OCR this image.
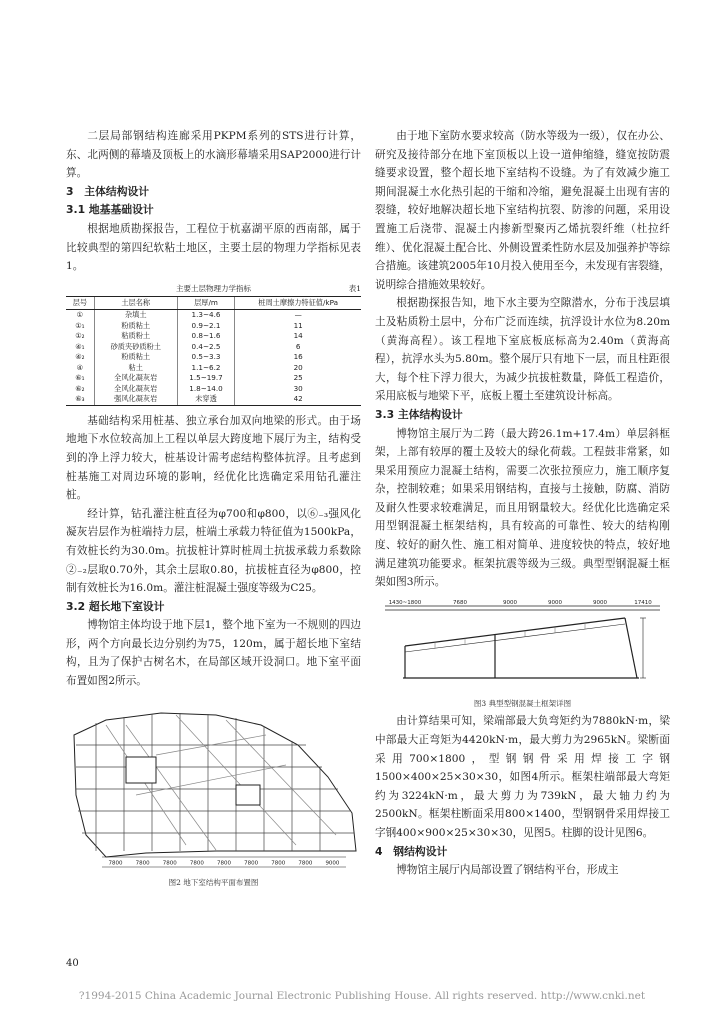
二层局部钢结构连廊采用PKPM系列的STS进行计算，东、北两侧的幕墙及顶板上的水滴形幕墙采用SAP2000进行计算。

3　主体结构设计
3.1 地基基础设计

根据地质勘探报告，工程位于杭嘉湖平原的西南部，属于比较典型的第四纪软粘土地区，主要土层的物理力学指标见表1。

主要土层物理力学指标	表1
层号	土层名称	层厚/m	桩周土摩擦力特征值/kPa
①	杂填土	1.3~4.6	—
①₁	粉质粘土	0.9~2.1	11
①₂	粘质粉土	0.8~1.6	14
④₁	砂质夹砂质粉土	0.4~2.5	6
④₂	粉质粘土	0.5~3.3	16
④	粘土	1.1~6.2	20
⑥₁	全风化凝灰岩	1.5~19.7	25
⑥₂	全风化凝灰岩	1.8~14.0	30
⑥₃	强风化凝灰岩	未穿透	42

基础结构采用桩基、独立承台加双向地梁的形式。由于场地地下水位较高加上工程以单层大跨度地下展厅为主，结构受到的净上浮力较大，桩基设计需考虑结构整体抗浮。且考虑到桩基施工对周边环境的影响，经优化比选确定采用钻孔灌注桩。

经计算，钻孔灌注桩直径为φ700和φ800，以⑥₋₃强风化凝灰岩层作为桩端持力层，桩端土承载力特征值为1500kPa，有效桩长约为30.0m。抗拔桩计算时桩周土抗拔承载力系数除②₋₂层取0.70外，其余土层取0.80，抗拔桩直径为φ800，控制有效桩长为16.0m。灌注桩混凝土强度等级为C25。

3.2 超长地下室设计

博物馆主体均设于地下层1，整个地下室为一不规则的四边形，两个方向最长边分别约为75，120m，属于超长地下室结构，且为了保护古树名木，在局部区域开设洞口。地下室平面布置如图2所示。

7800 7800 7800 7800 7800 7800 7800 7800 9000
图2 地下室结构平面布置图
40

由于地下室防水要求较高（防水等级为一级），仅在办公、研究及接待部分在地下室顶板以上设一道伸缩缝，缝宽按防震缝要求设置，整个超长地下室结构不设缝。为了有效减少施工期间混凝土水化热引起的干缩和冷缩，避免混凝土出现有害的裂缝，较好地解决超长地下室结构抗裂、防渗的问题，采用设置施工后浇带、混凝土内掺新型聚丙乙烯抗裂纤维（杜拉纤维）、优化混凝土配合比、外侧设置柔性防水层及加强养护等综合措施。该建筑2005年10月投入使用至今，未发现有害裂缝，说明综合措施效果较好。

根据勘探报告知，地下水主要为空隙潜水，分布于浅层填土及粘质粉土层中，分布广泛而连续，抗浮设计水位为8.20m（黄海高程）。该工程地下室底板底标高为2.40m（黄海高程），抗浮水头为5.80m。整个展厅只有地下一层，而且柱距很大，每个柱下浮力很大，为减少抗拔桩数量，降低工程造价，采用底板与地梁下平，底板上覆土至建筑设计标高。

3.3 主体结构设计

博物馆主展厅为二跨（最大跨26.1m+17.4m）单层斜框架，上部有较厚的覆土及较大的绿化荷载。工程鼓非常紧，如果采用预应力混凝土结构，需要二次张拉预应力，施工顺序复杂，控制较难；如果采用钢结构，直接与土接触，防腐、消防及耐久性要求较难满足，而且用钢量较大。经优化比选确定采用型钢混凝土框架结构，具有较高的可靠性、较大的结构刚度、较好的耐久性、施工相对简单、进度较快的特点，较好地满足建筑功能要求。框架抗震等级为三级。典型型钢混凝土框架如图3所示。

1430~1800	7680	9000	9000	9000	17410
图3 典型型钢混凝土框架详图

由计算结果可知，梁端部最大负弯矩约为7880kN·m，梁中部最大正弯矩为4420kN·m，最大剪力为2965kN。梁断面采用700×1800，型钢钢骨采用焊接工字钢1500×400×25×30×30，如图4所示。框架柱端部最大弯矩约为3224kN·m，最大剪力为739kN，最大轴力约为2500kN。框架柱断面采用800×1400，型钢钢骨采用焊接工字钢400×900×25×30×30，见图5。柱脚的设计见图6。

4　钢结构设计

博物馆主展厅内局部设置了钢结构平台，形成主

?1994-2015 China Academic Journal Electronic Publishing House. All rights reserved. http://www.cnki.net
